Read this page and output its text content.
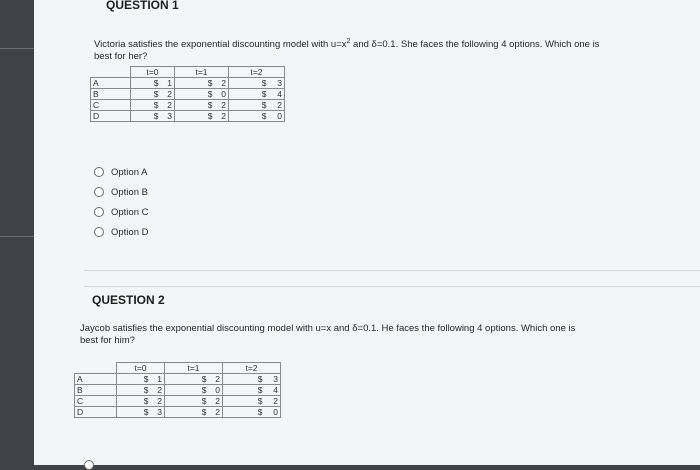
QUESTION 1
Victoria satisfies the exponential discounting model with $u=x^2$ and δ=0.1. She faces the following 4 options. Which one is
best for her?
	t=0		t=1		t=2	
A	$	1	$	2	$	3
B	$	2	$	0	$	4
C	$	2	$	2	$	2
D	$	3	$	2	$	0
Option A
Option B
Option C
Option D
QUESTION 2
Jaycob satisfies the exponential discounting model with u=x and δ=0.1. He faces the following 4 options. Which one is
best for him?
	t=0		t=1		t=2	
A	$	1	$	2	$	3
B	$	2	$	0	$	4
C	$	2	$	2	$	2
D	$	3	$	2	$	0
